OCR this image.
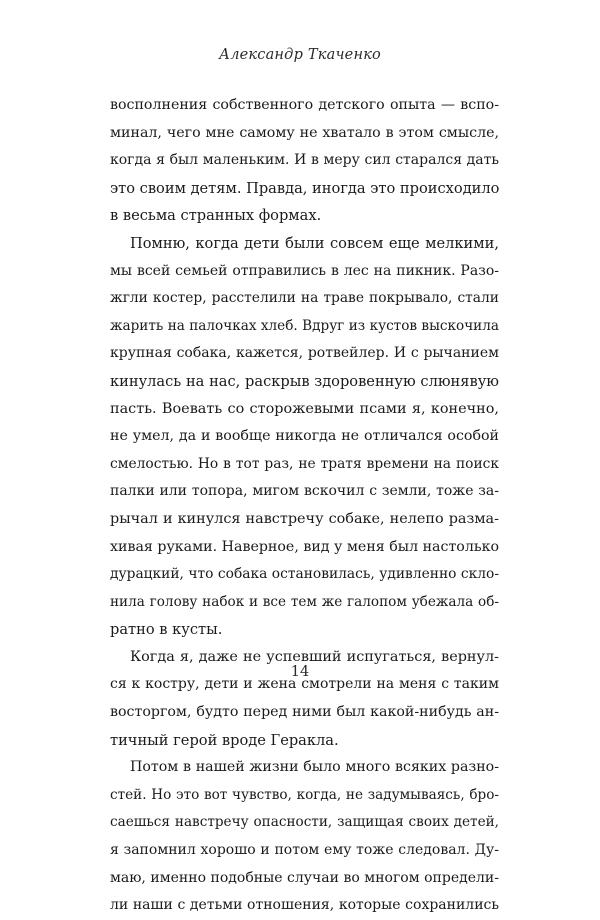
Александр Ткаченко
восполнения собственного детского опыта — вспо-
минал, чего мне самому не хватало в этом смысле,
когда я был маленьким. И в меру сил старался дать
это своим детям. Правда, иногда это происходило
в весьма странных формах.
Помню, когда дети были совсем еще мелкими,
мы всей семьей отправились в лес на пикник. Разо-
жгли костер, расстелили на траве покрывало, стали
жарить на палочках хлеб. Вдруг из кустов выскочила
крупная собака, кажется, ротвейлер. И с рычанием
кинулась на нас, раскрыв здоровенную слюнявую
пасть. Воевать со сторожевыми псами я, конечно,
не умел, да и вообще никогда не отличался особой
смелостью. Но в тот раз, не тратя времени на поиск
палки или топора, мигом вскочил с земли, тоже за-
рычал и кинулся навстречу собаке, нелепо разма-
хивая руками. Наверное, вид у меня был настолько
дурацкий, что собака остановилась, удивленно скло-
нила голову набок и все тем же галопом убежала об-
ратно в кусты.
Когда я, даже не успевший испугаться, вернул-
ся к костру, дети и жена смотрели на меня с таким
восторгом, будто перед ними был какой-нибудь ан-
тичный герой вроде Геракла.
Потом в нашей жизни было много всяких разно-
стей. Но это вот чувство, когда, не задумываясь, бро-
саешься навстречу опасности, защищая своих детей,
я запомнил хорошо и потом ему тоже следовал. Ду-
маю, именно подобные случаи во многом определи-
ли наши с детьми отношения, которые сохранились
14
